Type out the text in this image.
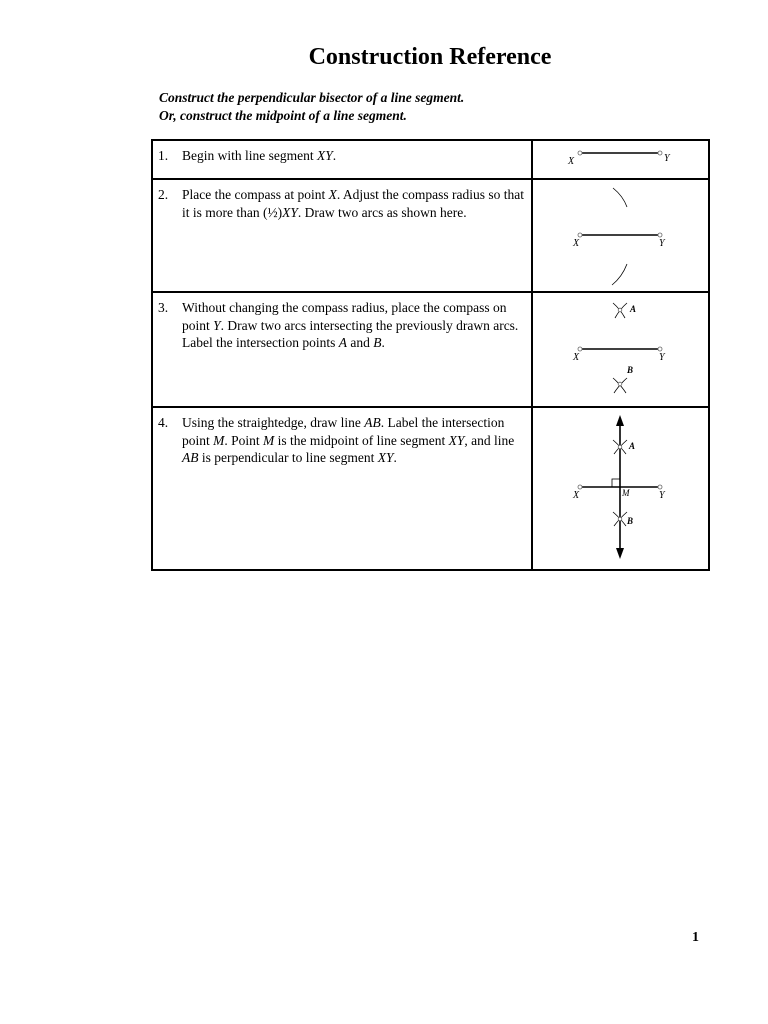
Construction Reference
Construct the perpendicular bisector of a line segment.
Or, construct the midpoint of a line segment.
1. Begin with line segment XY.	X Y

2. Place the compass at point X. Adjust the compass radius so that it is more than (½)XY. Draw two arcs as shown here.	X Y

3. Without changing the compass radius, place the compass on point Y. Draw two arcs intersecting the previously drawn arcs. Label the intersection points A and B.	A
X Y
B

4. Using the straightedge, draw line AB. Label the intersection point M. Point M is the midpoint of line segment XY, and line AB is perpendicular to line segment XY.	A
X M Y
B
1
